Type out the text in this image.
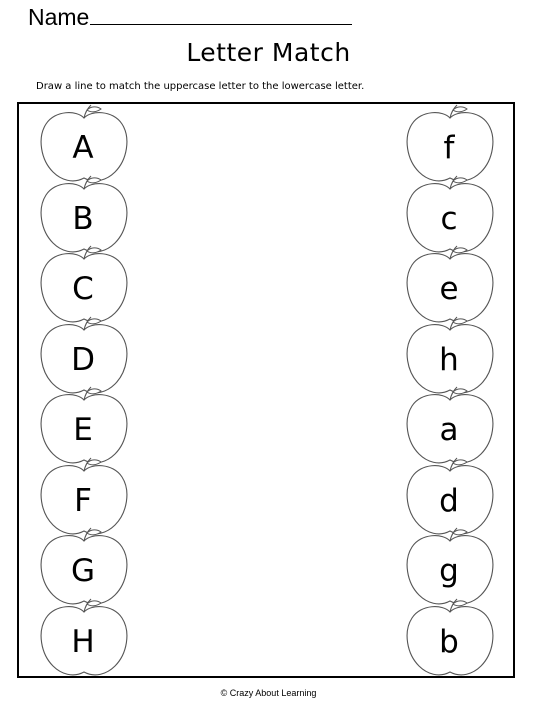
Name
Letter Match
Draw a line to match the uppercase letter to the lowercase letter.
A
B
C
D
E
F
G
H
f
c
e
h
a
d
g
b
© Crazy About Learning
